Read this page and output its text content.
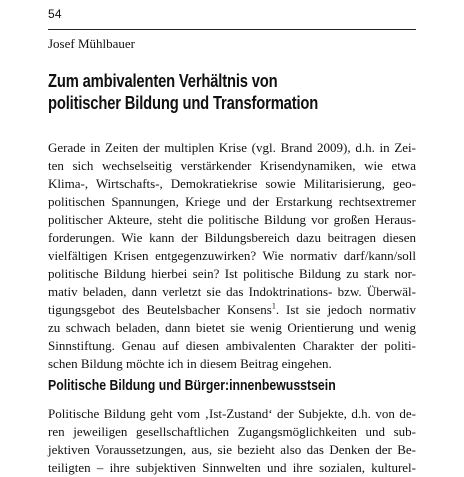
54
Josef Mühlbauer
Zum ambivalenten Verhältnis von
politischer Bildung und Transformation
Gerade in Zeiten der multiplen Krise (vgl. Brand 2009), d.h. in Zei-
ten sich wechselseitig verstärkender Krisendynamiken, wie etwa
Klima-, Wirtschafts-, Demokratiekrise sowie Militarisierung, geo-
politischen Spannungen, Kriege und der Erstarkung rechtsextremer
politischer Akteure, steht die politische Bildung vor großen Heraus-
forderungen. Wie kann der Bildungsbereich dazu beitragen diesen
vielfältigen Krisen entgegenzuwirken? Wie normativ darf/kann/soll
politische Bildung hierbei sein? Ist politische Bildung zu stark nor-
mativ beladen, dann verletzt sie das Indoktrinations- bzw. Überwäl-
tigungsgebot des Beutelsbacher Konsens$^1$. Ist sie jedoch normativ
zu schwach beladen, dann bietet sie wenig Orientierung und wenig
Sinnstiftung. Genau auf diesen ambivalenten Charakter der politi-
schen Bildung möchte ich in diesem Beitrag eingehen.
Politische Bildung und Bürger:innenbewusstsein
Politische Bildung geht vom ‚Ist-Zustand‘ der Subjekte, d.h. von de-
ren jeweiligen gesellschaftlichen Zugangsmöglichkeiten und sub-
jektiven Voraussetzungen, aus, sie bezieht also das Denken der Be-
teiligten – ihre subjektiven Sinnwelten und ihre sozialen, kulturel-
